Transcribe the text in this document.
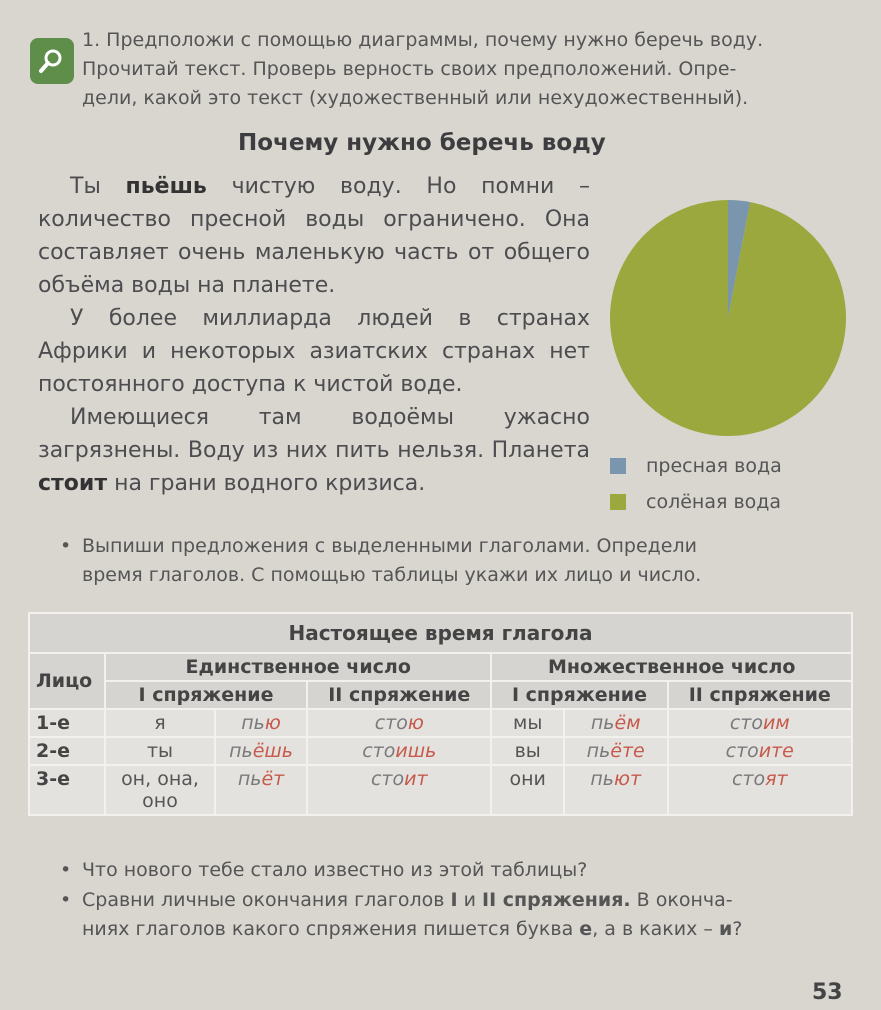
1. Предположи с помощью диаграммы, почему нужно беречь воду.
Прочитай текст. Проверь верность своих предположений. Опре-
дели, какой это текст (художественный или нехудожественный).
Почему нужно беречь воду

Ты пьёшь чистую воду. Но помни – количество пресной воды ограничено. Она составляет очень маленькую часть от общего объёма воды на планете.

У более миллиарда людей в странах Африки и некоторых азиатских странах нет постоянного доступа к чистой воде.

Имеющиеся там водоёмы ужасно загрязнены. Воду из них пить нельзя. Планета стоит на грани водного кризиса.

пресная вода
солёная вода
• Выпиши предложения с выделенными глаголами. Определи
время глаголов. С помощью таблицы укажи их лицо и число.
Настоящее время глагола						
Лицо	Единственное число			Множественное число		
	I спряжение		II спряжение	I спряжение		II спряжение
1-е	я	пью	стою	мы	пьём	стоим
2-е	ты	пьёшь	стоишь	вы	пьёте	стоите
3-е	он, она, оно	пьёт	стоит	они	пьют	стоят
• Что нового тебе стало известно из этой таблицы?
• Сравни личные окончания глаголов I и II спряжения. В оконча-
ниях глаголов какого спряжения пишется буква е, а в каких – и?
53
